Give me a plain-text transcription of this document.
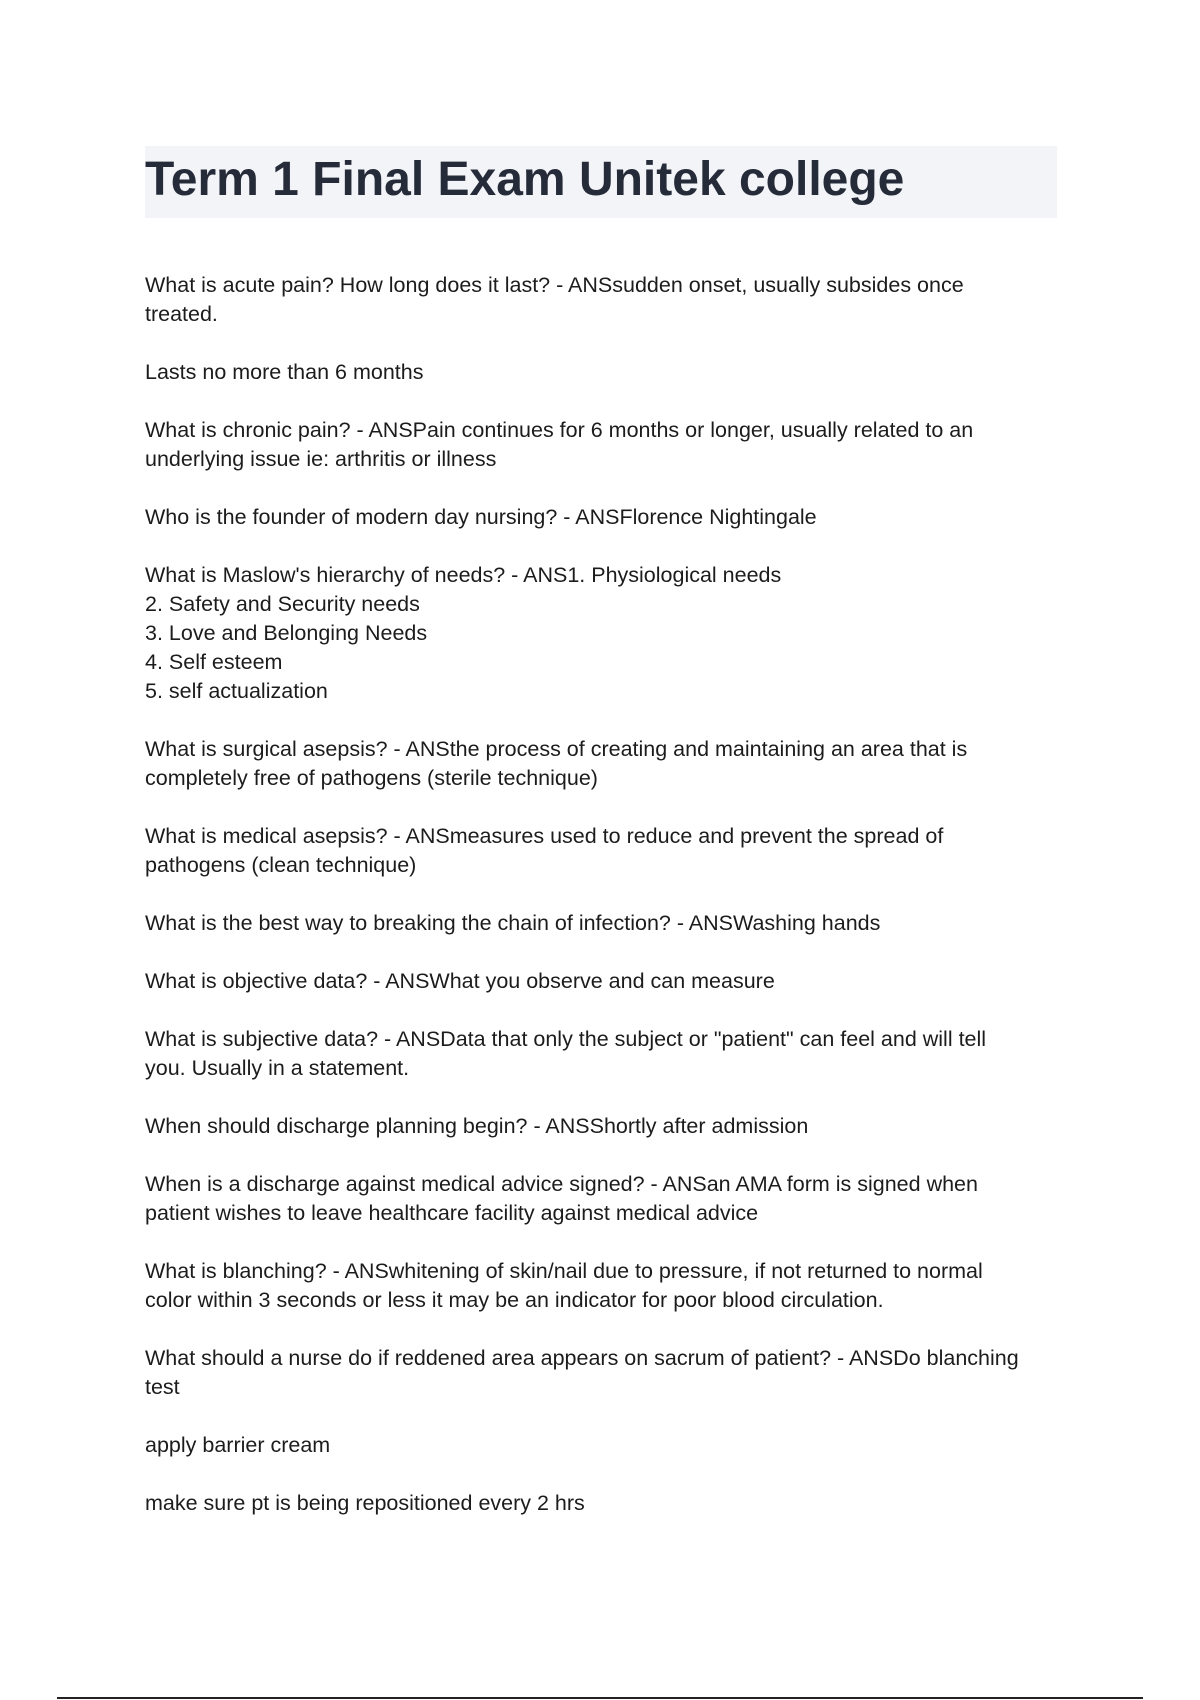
Term 1 Final Exam Unitek college

What is acute pain? How long does it last? - ANSsudden onset, usually subsides once
treated.

Lasts no more than 6 months

What is chronic pain? - ANSPain continues for 6 months or longer, usually related to an
underlying issue ie: arthritis or illness

Who is the founder of modern day nursing? - ANSFlorence Nightingale

What is Maslow's hierarchy of needs? - ANS1. Physiological needs
2. Safety and Security needs
3. Love and Belonging Needs
4. Self esteem
5. self actualization

What is surgical asepsis? - ANSthe process of creating and maintaining an area that is
completely free of pathogens (sterile technique)

What is medical asepsis? - ANSmeasures used to reduce and prevent the spread of
pathogens (clean technique)

What is the best way to breaking the chain of infection? - ANSWashing hands

What is objective data? - ANSWhat you observe and can measure

What is subjective data? - ANSData that only the subject or "patient" can feel and will tell
you. Usually in a statement.

When should discharge planning begin? - ANSShortly after admission

When is a discharge against medical advice signed? - ANSan AMA form is signed when
patient wishes to leave healthcare facility against medical advice

What is blanching? - ANSwhitening of skin/nail due to pressure, if not returned to normal
color within 3 seconds or less it may be an indicator for poor blood circulation.

What should a nurse do if reddened area appears on sacrum of patient? - ANSDo blanching
test

apply barrier cream

make sure pt is being repositioned every 2 hrs
